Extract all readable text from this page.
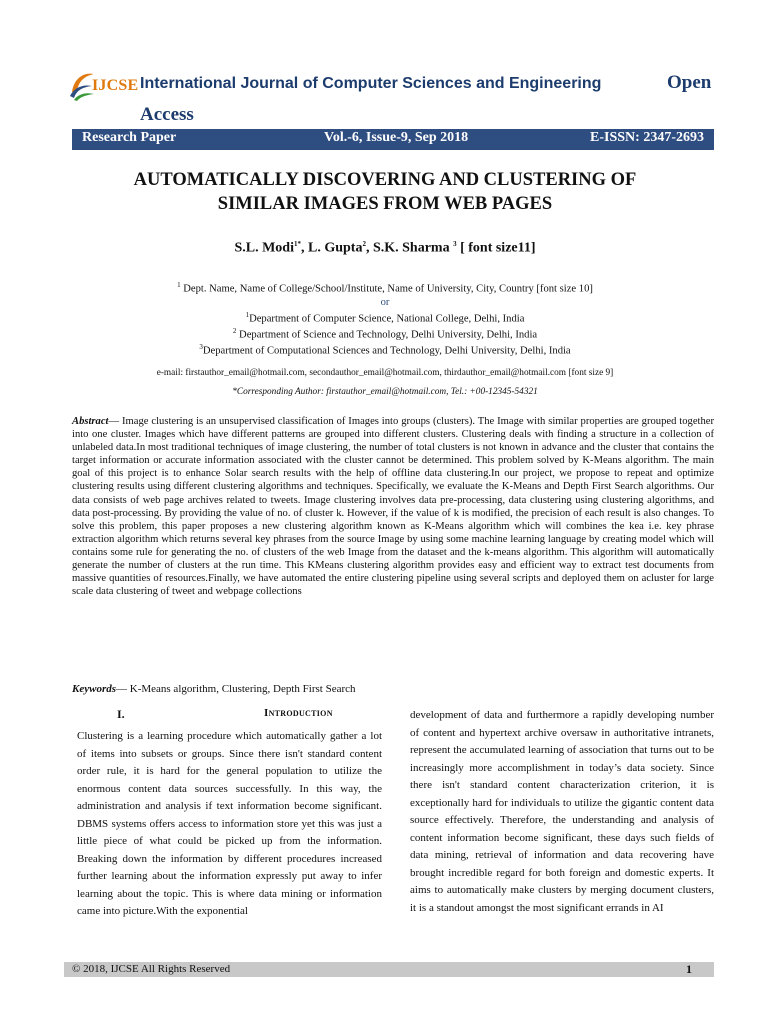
IJCSE International Journal of Computer Sciences and Engineering	Open
Access
Research Paper	Vol.-6, Issue-9, Sep 2018	E-ISSN: 2347-2693
AUTOMATICALLY DISCOVERING AND CLUSTERING OF
SIMILAR IMAGES FROM WEB PAGES
S.L. Modi$^{1*}$, L. Gupta$^2$, S.K. Sharma $^3$ [ font size11]
$^1$ Dept. Name, Name of College/School/Institute, Name of University, City, Country [font size 10]
or
$^1$Department of Computer Science, National College, Delhi, India
$^2$ Department of Science and Technology, Delhi University, Delhi, India
$^3$Department of Computational Sciences and Technology, Delhi University, Delhi, India
e-mail: firstauthor_email@hotmail.com, secondauthor_email@hotmail.com, thirdauthor_email@hotmail.com [font size 9]
*Corresponding Author: firstauthor_email@hotmail.com, Tel.: +00-12345-54321
Abstract— Image clustering is an unsupervised classification of Images into groups (clusters). The Image with similar properties are grouped together into one cluster. Images which have different patterns are grouped into different clusters. Clustering deals with finding a structure in a collection of unlabeled data.In most traditional techniques of image clustering, the number of total clusters is not known in advance and the cluster that contains the target information or accurate information associated with the cluster cannot be determined. This problem solved by K-Means algorithm. The main goal of this project is to enhance Solar search results with the help of offline data clustering.In our project, we propose to repeat and optimize clustering results using different clustering algorithms and techniques. Specifically, we evaluate the K-Means and Depth First Search algorithms. Our data consists of web page archives related to tweets. Image clustering involves data pre-processing, data clustering using clustering algorithms, and data post-processing. By providing the value of no. of cluster k. However, if the value of k is modified, the precision of each result is also changes. To solve this problem, this paper proposes a new clustering algorithm known as K-Means algorithm which will combines the kea i.e. key phrase extraction algorithm which returns several key phrases from the source Image by using some machine learning language by creating model which will contains some rule for generating the no. of clusters of the web Image from the dataset and the k-means algorithm. This algorithm will automatically generate the number of clusters at the run time. This KMeans clustering algorithm provides easy and efficient way to extract test documents from massive quantities of resources.Finally, we have automated the entire clustering pipeline using several scripts and deployed them on acluster for large scale data clustering of tweet and webpage collections
Keywords— K-Means algorithm, Clustering, Depth First Search
I.	Introduction
Clustering is a learning procedure which automatically gather a lot of items into subsets or groups. Since there isn't standard content order rule, it is hard for the general population to utilize the enormous content data sources successfully. In this way, the administration and analysis if text information become significant. DBMS systems offers access to information store yet this was just a little piece of what could be picked up from the information. Breaking down the information by different procedures increased further learning about the information expressly put away to infer learning about the topic. This is where data mining or information came into picture.With the exponential
development of data and furthermore a rapidly developing number of content and hypertext archive oversaw in authoritative intranets, represent the accumulated learning of association that turns out to be increasingly more accomplishment in today’s data society. Since there isn't standard content characterization criterion, it is exceptionally hard for individuals to utilize the gigantic content data source effectively. Therefore, the understanding and analysis of content information become significant, these days such fields of data mining, retrieval of information and data recovering have brought incredible regard for both foreign and domestic experts. It aims to automatically make clusters by merging document clusters, it is a standout amongst the most significant errands in AI
© 2018, IJCSE All Rights Reserved	1
